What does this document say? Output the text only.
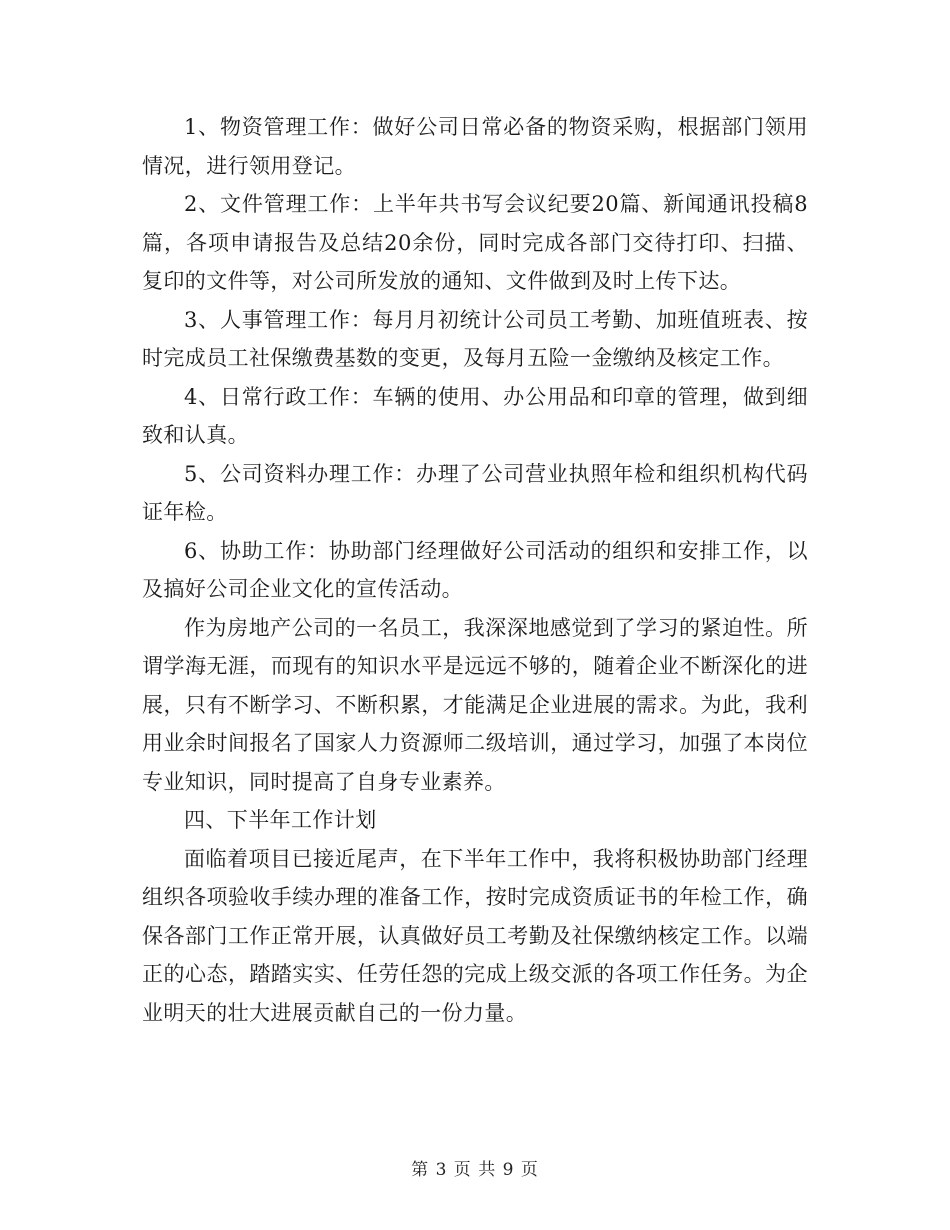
1、物资管理工作：做好公司日常必备的物资采购，根据部门领用情况，进行领用登记。

2、文件管理工作：上半年共书写会议纪要20篇、新闻通讯投稿8篇，各项申请报告及总结20余份，同时完成各部门交待打印、扫描、复印的文件等，对公司所发放的通知、文件做到及时上传下达。

3、人事管理工作：每月月初统计公司员工考勤、加班值班表、按时完成员工社保缴费基数的变更，及每月五险一金缴纳及核定工作。

4、日常行政工作：车辆的使用、办公用品和印章的管理，做到细致和认真。

5、公司资料办理工作：办理了公司营业执照年检和组织机构代码证年检。

6、协助工作：协助部门经理做好公司活动的组织和安排工作，以及搞好公司企业文化的宣传活动。

作为房地产公司的一名员工，我深深地感觉到了学习的紧迫性。所谓学海无涯，而现有的知识水平是远远不够的，随着企业不断深化的进展，只有不断学习、不断积累，才能满足企业进展的需求。为此，我利用业余时间报名了国家人力资源师二级培训，通过学习，加强了本岗位专业知识，同时提高了自身专业素养。

四、下半年工作计划

面临着项目已接近尾声，在下半年工作中，我将积极协助部门经理组织各项验收手续办理的准备工作，按时完成资质证书的年检工作，确保各部门工作正常开展，认真做好员工考勤及社保缴纳核定工作。以端正的心态，踏踏实实、任劳任怨的完成上级交派的各项工作任务。为企业明天的壮大进展贡献自己的一份力量。

第 3 页 共 9 页
